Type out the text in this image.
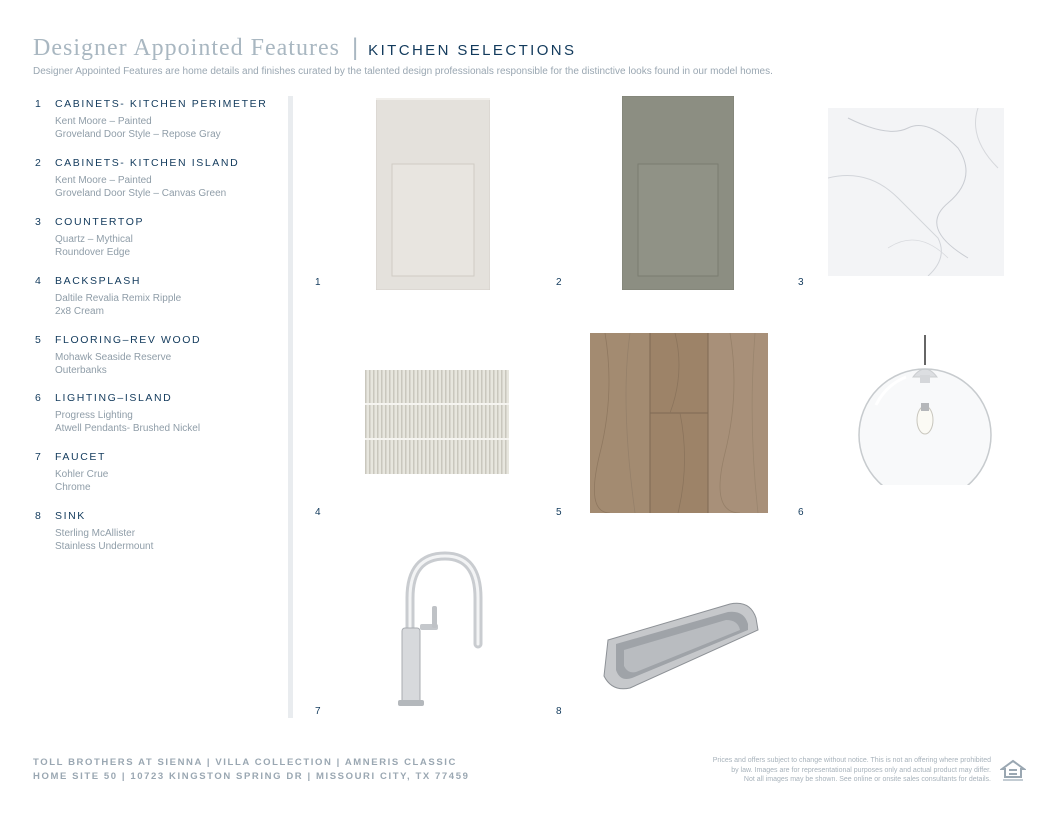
Designer Appointed Features | KITCHEN SELECTIONS
Designer Appointed Features are home details and finishes curated by the talented design professionals responsible for the distinctive looks found in our model homes.
1	CABINETS- KITCHEN PERIMETER
Kent Moore – Painted
Groveland Door Style – Repose Gray
2	CABINETS- KITCHEN ISLAND
Kent Moore – Painted
Groveland Door Style – Canvas Green
3	COUNTERTOP
Quartz – Mythical
Roundover Edge
4	BACKSPLASH
Daltile Revalia Remix Ripple
2x8 Cream
5	FLOORING–REV WOOD
Mohawk Seaside Reserve
Outerbanks
6	LIGHTING–ISLAND
Progress Lighting
Atwell Pendants- Brushed Nickel
7	FAUCET
Kohler Crue
Chrome
8	SINK
Sterling McAllister
Stainless Undermount
1	2	3
4	5	6
7	8
TOLL BROTHERS AT SIENNA | VILLA COLLECTION | AMNERIS CLASSIC
HOME SITE 50 | 10723 KINGSTON SPRING DR | MISSOURI CITY, TX 77459
Prices and offers subject to change without notice. This is not an offering where prohibited
by law. Images are for representational purposes only and actual product may differ.
Not all images may be shown. See online or onsite sales consultants for details.
